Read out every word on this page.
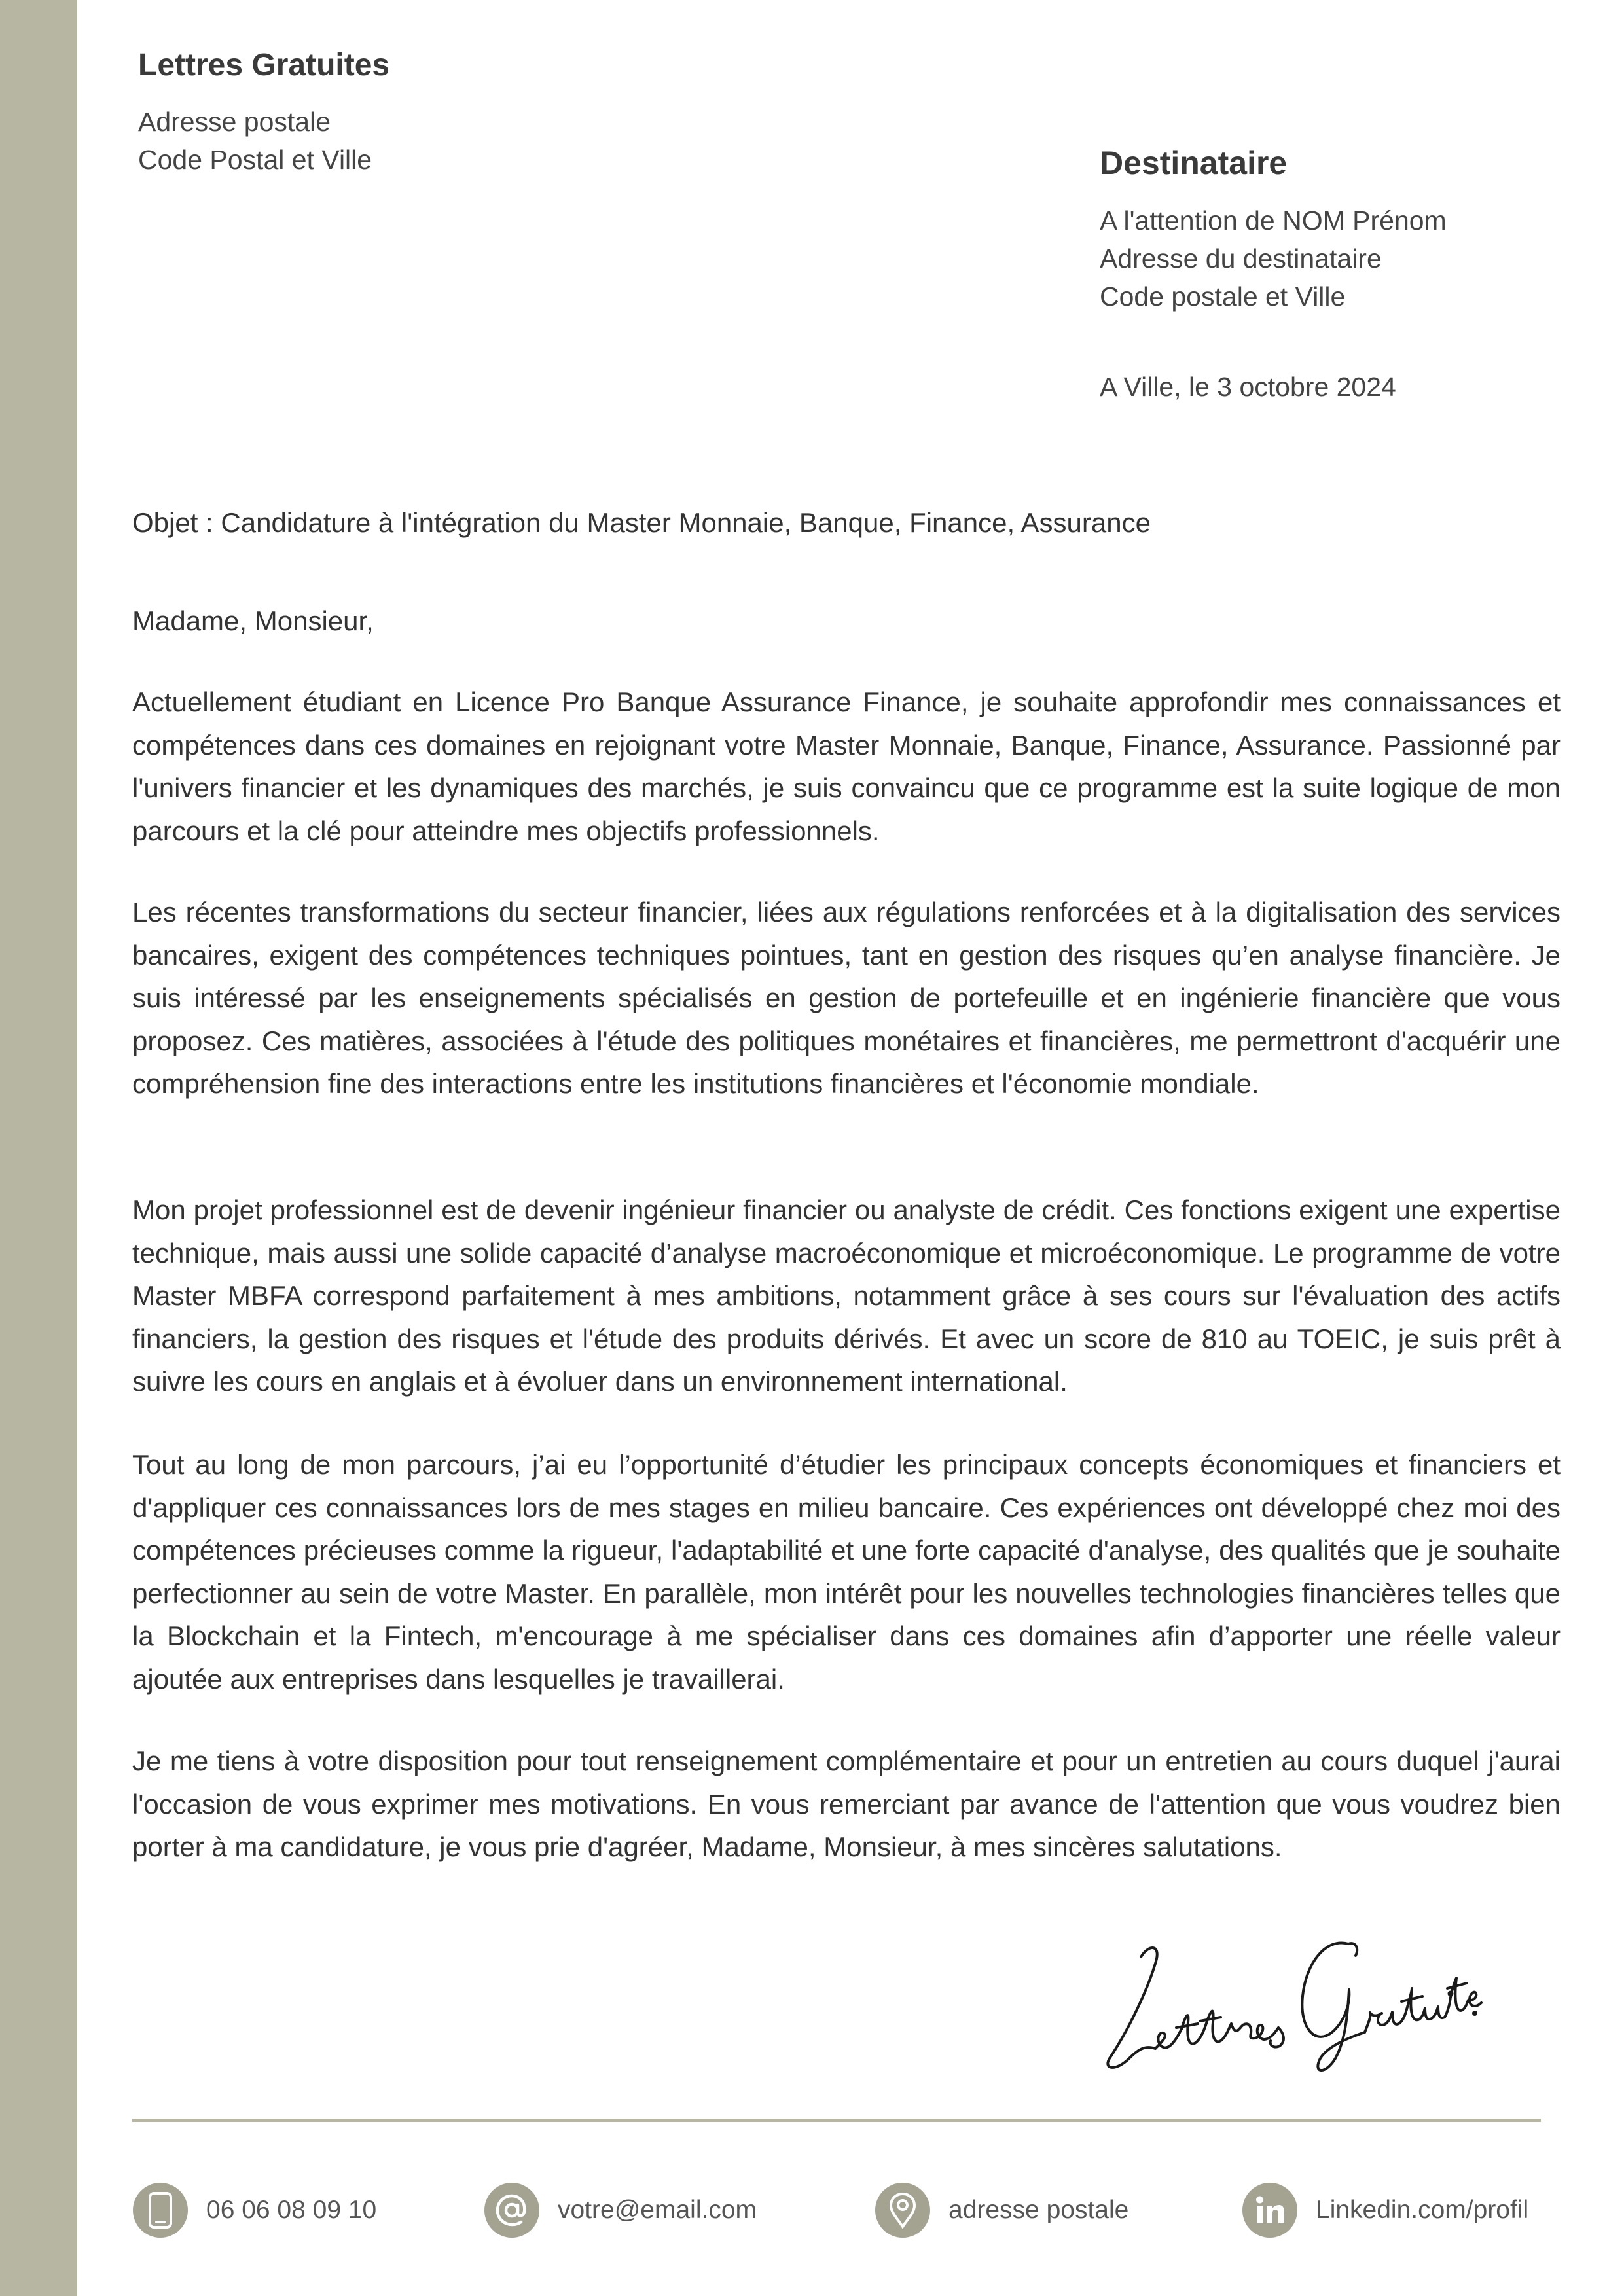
Lettres Gratuites
Adresse postale
Code Postal et Ville	Destinataire
A l'attention de NOM Prénom
Adresse du destinataire
Code postale et Ville
A Ville, le 3 octobre 2024
Objet : Candidature à l'intégration du Master Monnaie, Banque, Finance, Assurance
Madame, Monsieur,
Actuellement étudiant en Licence Pro Banque Assurance Finance, je souhaite approfondir mes connaissances et compétences dans ces domaines en rejoignant votre Master Monnaie, Banque, Finance, Assurance. Passionné par l'univers financier et les dynamiques des marchés, je suis convaincu que ce programme est la suite logique de mon parcours et la clé pour atteindre mes objectifs professionnels.
Les récentes transformations du secteur financier, liées aux régulations renforcées et à la digitalisation des services bancaires, exigent des compétences techniques pointues, tant en gestion des risques qu’en analyse financière. Je suis intéressé par les enseignements spécialisés en gestion de portefeuille et en ingénierie financière que vous proposez. Ces matières, associées à l'étude des politiques monétaires et financières, me permettront d'acquérir une compréhension fine des interactions entre les institutions financières et l'économie mondiale.
Mon projet professionnel est de devenir ingénieur financier ou analyste de crédit. Ces fonctions exigent une expertise technique, mais aussi une solide capacité d’analyse macroéconomique et microéconomique. Le programme de votre Master MBFA correspond parfaitement à mes ambitions, notamment grâce à ses cours sur l'évaluation des actifs financiers, la gestion des risques et l'étude des produits dérivés. Et avec un score de 810 au TOEIC, je suis prêt à suivre les cours en anglais et à évoluer dans un environnement international.
Tout au long de mon parcours, j’ai eu l’opportunité d’étudier les principaux concepts économiques et financiers et d'appliquer ces connaissances lors de mes stages en milieu bancaire. Ces expériences ont développé chez moi des compétences précieuses comme la rigueur, l'adaptabilité et une forte capacité d'analyse, des qualités que je souhaite perfectionner au sein de votre Master. En parallèle, mon intérêt pour les nouvelles technologies financières telles que la Blockchain et la Fintech, m'encourage à me spécialiser dans ces domaines afin d’apporter une réelle valeur ajoutée aux entreprises dans lesquelles je travaillerai.
Je me tiens à votre disposition pour tout renseignement complémentaire et pour un entretien au cours duquel j'aurai l'occasion de vous exprimer mes motivations. En vous remerciant par avance de l'attention que vous voudrez bien porter à ma candidature, je vous prie d'agréer, Madame, Monsieur, à mes sincères salutations.
06 06 08 09 10	votre@email.com	adresse postale	Linkedin.com/profil
